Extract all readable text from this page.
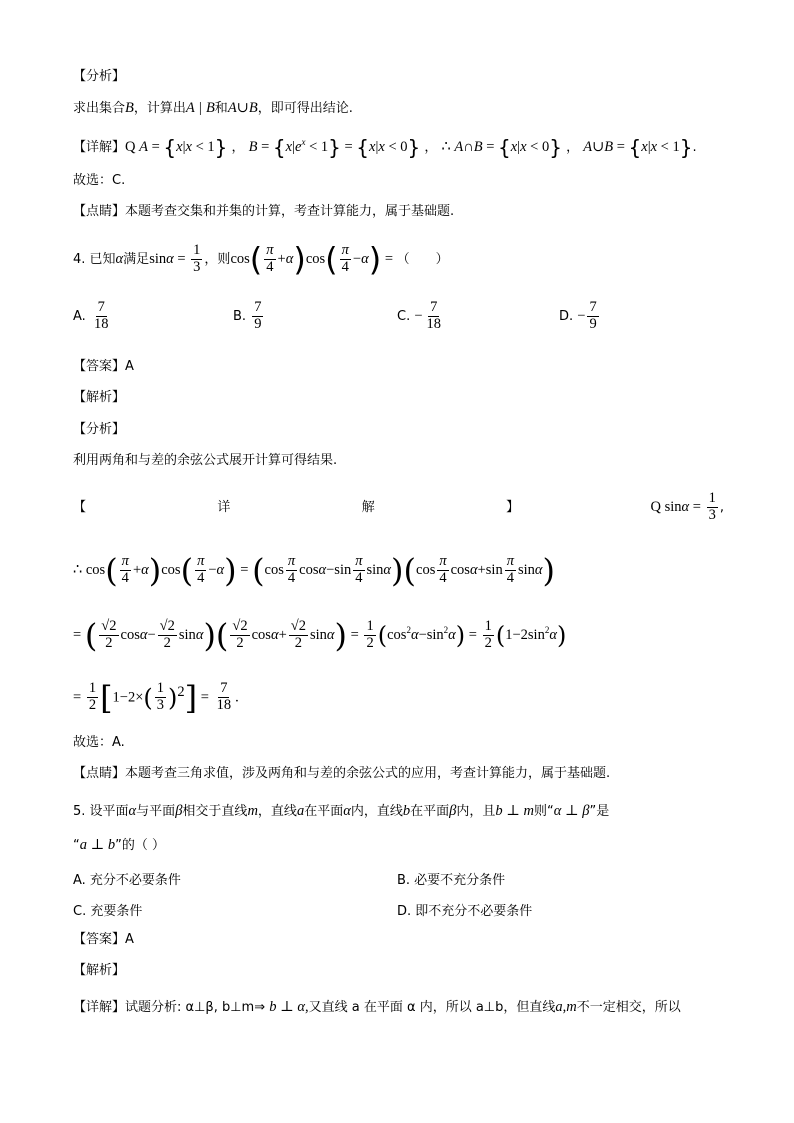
【分析】
求出集合B，计算出A | B和A∪B，即可得出结论.
【详解】Q A = {x|x < 1} ， $B = \{x|e^x < 1\} = \{x|x < 0\}$ ， ∴ A∩B = {x|x < 0} ， A∪B = {x|x < 1}.
故选：C.
【点睛】本题考查交集和并集的计算，考查计算能力，属于基础题.
4. 已知α满足$\sin\alpha = \frac{1}{3}$ ，则$\cos( \frac{\pi}{4} +\alpha)\cos( \frac{\pi}{4} -\alpha)$ = （　　）
A. $\frac{7}{18}$	B. $\frac{7}{9}$	C. − $\frac{7}{18}$	D. − $\frac{7}{9}$
【答案】A
【解析】
【分析】
利用两角和与差的余弦公式展开计算可得结果.
【	详	解	】	Q $\sin\alpha = \frac{1}{3}$ ,
∴ $\cos( \frac{\pi}{4} +\alpha)\cos( \frac{\pi}{4} -\alpha) = (\cos \frac{\pi}{4} \cos\alpha-\sin \frac{\pi}{4} \sin\alpha)(\cos \frac{\pi}{4} \cos\alpha+\sin \frac{\pi}{4} \sin\alpha)$
= ( $\frac{√2}{2} \cos\alpha- \frac{√2}{2} \sin\alpha)( \frac{√2}{2} \cos\alpha+ \frac{√2}{2} \sin\alpha) = \frac{1}{2} (\cos^2\alpha-\sin^2\alpha) = \frac{1}{2} (1-2\sin^2\alpha)$
= $\frac{1}{2} [1-2\times( \frac{1}{3} )^2] = \frac{7}{18}$ .
故选：A.
【点睛】本题考查三角求值，涉及两角和与差的余弦公式的应用，考查计算能力，属于基础题.
5. 设平面α与平面β相交于直线m，直线a在平面α内，直线b在平面β内，且b ⊥ m则“α ⊥ β”是
“a ⊥ b”的（ ）
A. 充分不必要条件	B. 必要不充分条件
C. 充要条件	D. 即不充分不必要条件
【答案】A
【解析】
【详解】试题分析: α⊥β, b⊥m⇒ b ⊥ α,又直线 a 在平面 α 内，所以 a⊥b，但直线a,m不一定相交，所以
